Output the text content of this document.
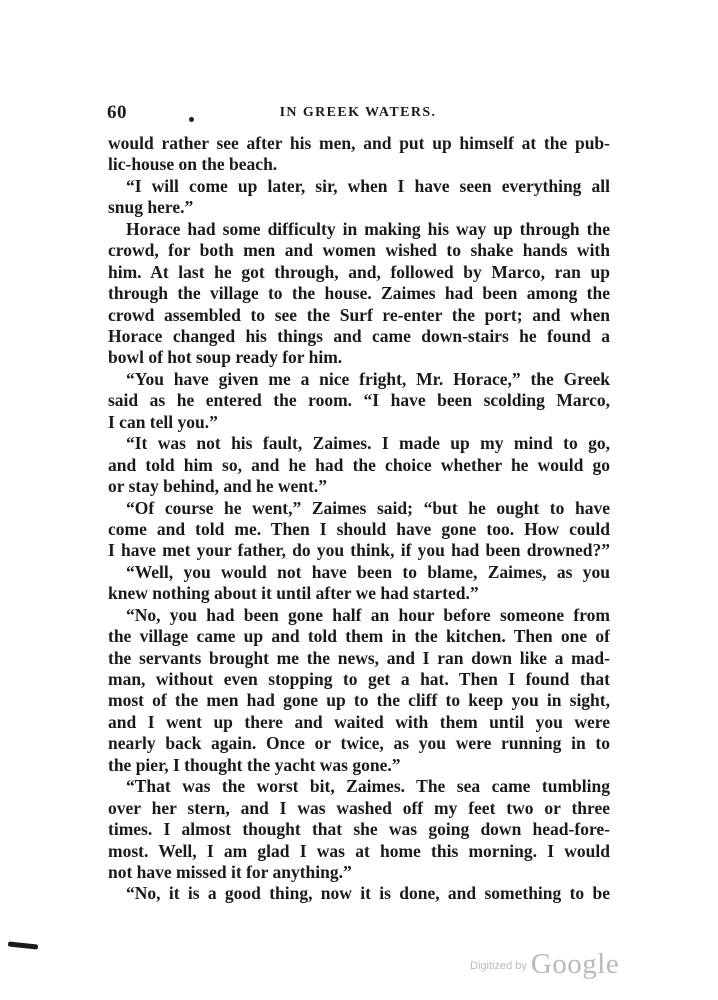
60	IN GREEK WATERS.
would rather see after his men, and put up himself at the pub-
lic-house on the beach.
“I will come up later, sir, when I have seen everything all
snug here.”
Horace had some difficulty in making his way up through the
crowd, for both men and women wished to shake hands with
him. At last he got through, and, followed by Marco, ran up
through the village to the house. Zaimes had been among the
crowd assembled to see the Surf re-enter the port; and when
Horace changed his things and came down-stairs he found a
bowl of hot soup ready for him.
“You have given me a nice fright, Mr. Horace,” the Greek
said as he entered the room. “I have been scolding Marco,
I can tell you.”
“It was not his fault, Zaimes. I made up my mind to go,
and told him so, and he had the choice whether he would go
or stay behind, and he went.”
“Of course he went,” Zaimes said; “but he ought to have
come and told me. Then I should have gone too. How could
I have met your father, do you think, if you had been drowned?”
“Well, you would not have been to blame, Zaimes, as you
knew nothing about it until after we had started.”
“No, you had been gone half an hour before someone from
the village came up and told them in the kitchen. Then one of
the servants brought me the news, and I ran down like a mad-
man, without even stopping to get a hat. Then I found that
most of the men had gone up to the cliff to keep you in sight,
and I went up there and waited with them until you were
nearly back again. Once or twice, as you were running in to
the pier, I thought the yacht was gone.”
“That was the worst bit, Zaimes. The sea came tumbling
over her stern, and I was washed off my feet two or three
times. I almost thought that she was going down head-fore-
most. Well, I am glad I was at home this morning. I would
not have missed it for anything.”
“No, it is a good thing, now it is done, and something to be
$^{Digitized by}$ Google
